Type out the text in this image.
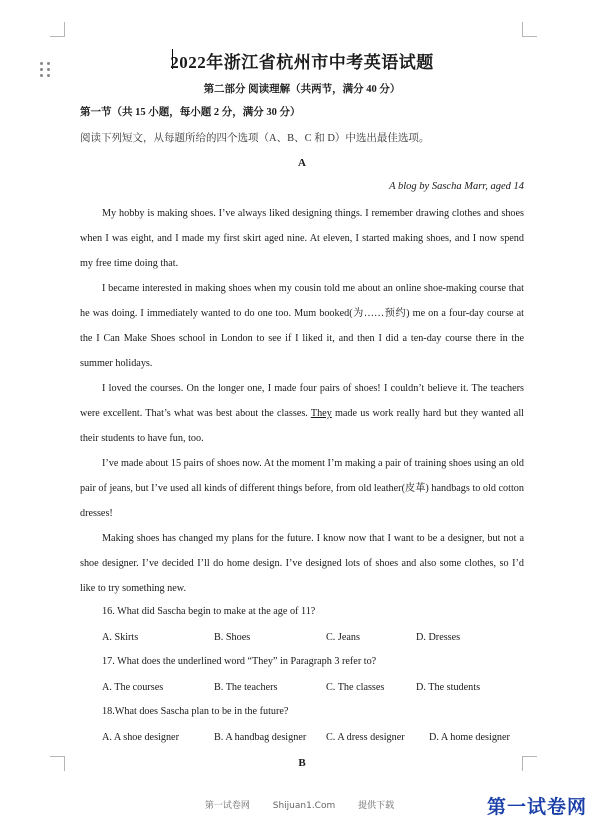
2022年浙江省杭州市中考英语试题
第二部分 阅读理解（共两节，满分 40 分）
第一节（共 15 小题，每小题 2 分，满分 30 分）
阅读下列短文，从每题所给的四个选项（A、B、C 和 D）中选出最佳选项。
A
A blog by Sascha Marr, aged 14
My hobby is making shoes. I’ve always liked designing things. I remember drawing clothes and shoes when I was eight, and I made my first skirt aged nine. At eleven, I started making shoes, and I now spend my free time doing that.
I became interested in making shoes when my cousin told me about an online shoe-making course that he was doing. I immediately wanted to do one too. Mum booked(为……预约) me on a four-day course at the I Can Make Shoes school in London to see if I liked it, and then I did a ten-day course there in the summer holidays.
I loved the courses. On the longer one, I made four pairs of shoes! I couldn’t believe it. The teachers were excellent. That’s what was best about the classes. They made us work really hard but they wanted all their students to have fun, too.
I’ve made about 15 pairs of shoes now. At the moment I’m making a pair of training shoes using an old pair of jeans, but I’ve used all kinds of different things before, from old leather(皮革) handbags to old cotton dresses!
Making shoes has changed my plans for the future. I know now that I want to be a designer, but not a shoe designer. I’ve decided I’ll do home design. I’ve designed lots of shoes and also some clothes, so I’d like to try something new.
16. What did Sascha begin to make at the age of 11?
A. Skirts	B. Shoes	C. Jeans	D. Dresses
17. What does the underlined word “They” in Paragraph 3 refer to?
A. The courses	B. The teachers	C. The classes	D. The students
18.What does Sascha plan to be in the future?
A. A shoe designer	B. A handbag designer C. A dress designer D. A home designer
B
第一试卷网	Shijuan1.Com	提供下载	第一试卷网
